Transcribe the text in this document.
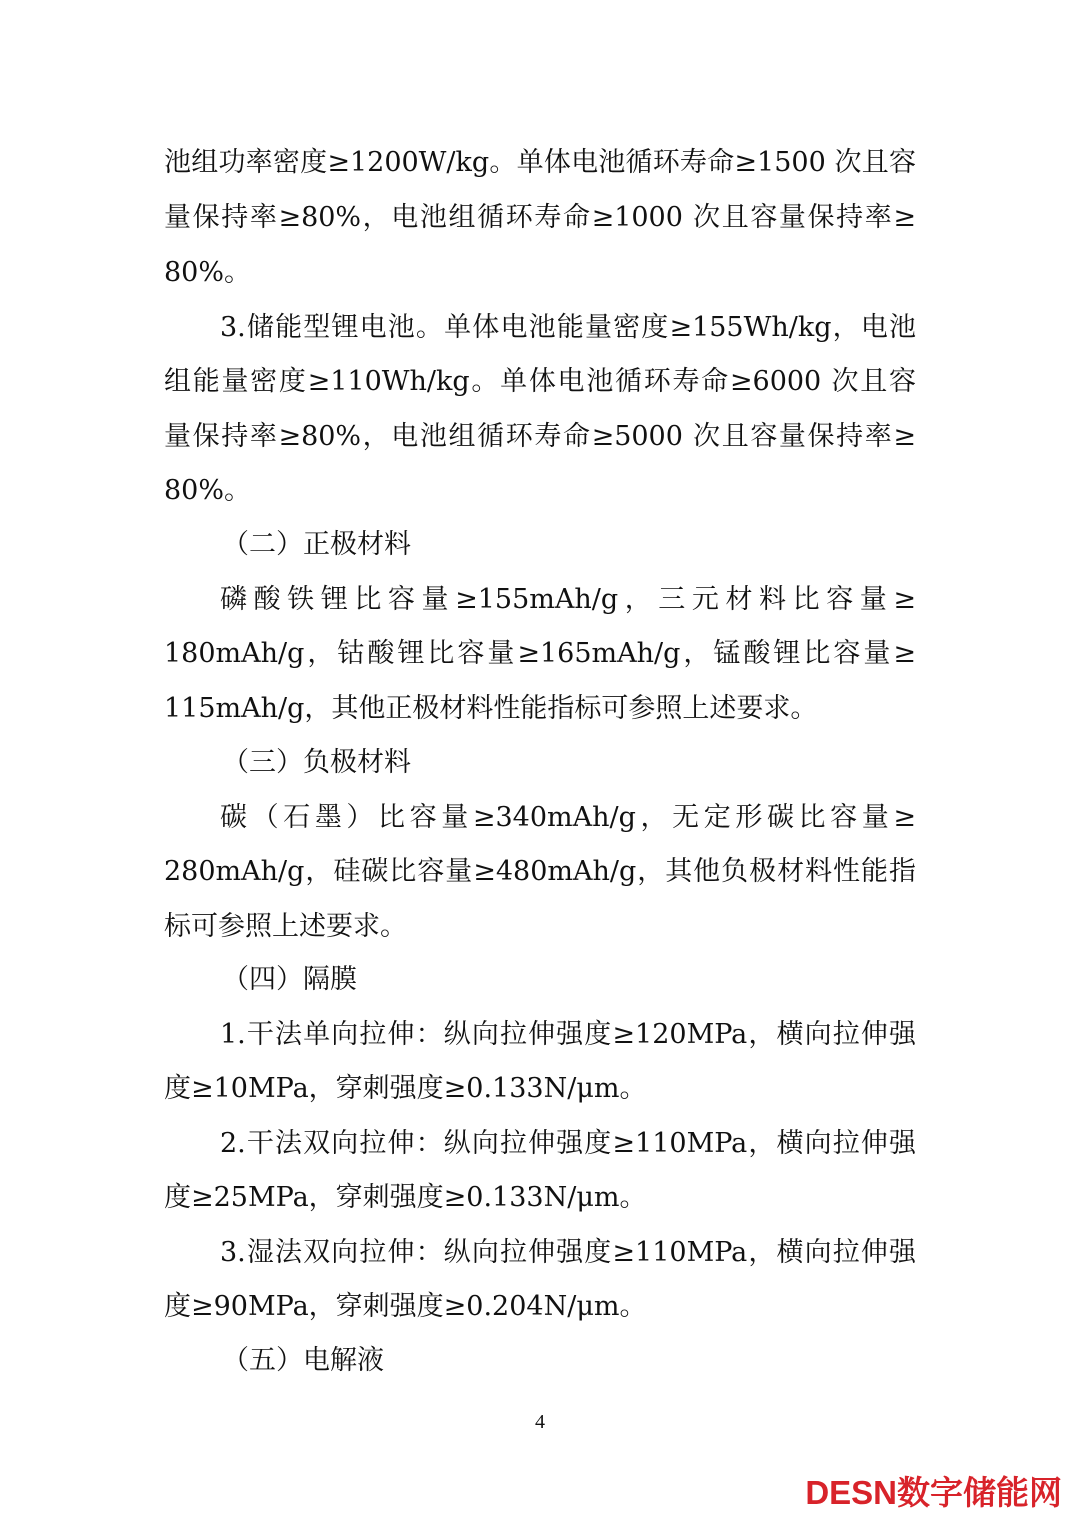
池组功率密度≥1200W/kg。单体电池循环寿命≥1500 次且容
量保持率≥80%，电池组循环寿命≥1000 次且容量保持率≥
80%。
3.储能型锂电池。单体电池能量密度≥155Wh/kg，电池
组能量密度≥110Wh/kg。单体电池循环寿命≥6000 次且容
量保持率≥80%，电池组循环寿命≥5000 次且容量保持率≥
80%。
（二）正极材料
磷酸铁锂比容量≥155mAh/g，三元材料比容量≥
180mAh/g，钴酸锂比容量≥165mAh/g，锰酸锂比容量≥
115mAh/g，其他正极材料性能指标可参照上述要求。
（三）负极材料
碳（石墨）比容量≥340mAh/g，无定形碳比容量≥
280mAh/g，硅碳比容量≥480mAh/g，其他负极材料性能指
标可参照上述要求。
（四）隔膜
1.干法单向拉伸：纵向拉伸强度≥120MPa，横向拉伸强
度≥10MPa，穿刺强度≥0.133N/μm。
2.干法双向拉伸：纵向拉伸强度≥110MPa，横向拉伸强
度≥25MPa，穿刺强度≥0.133N/μm。
3.湿法双向拉伸：纵向拉伸强度≥110MPa，横向拉伸强
度≥90MPa，穿刺强度≥0.204N/μm。
（五）电解液
4
DESN数字储能网
